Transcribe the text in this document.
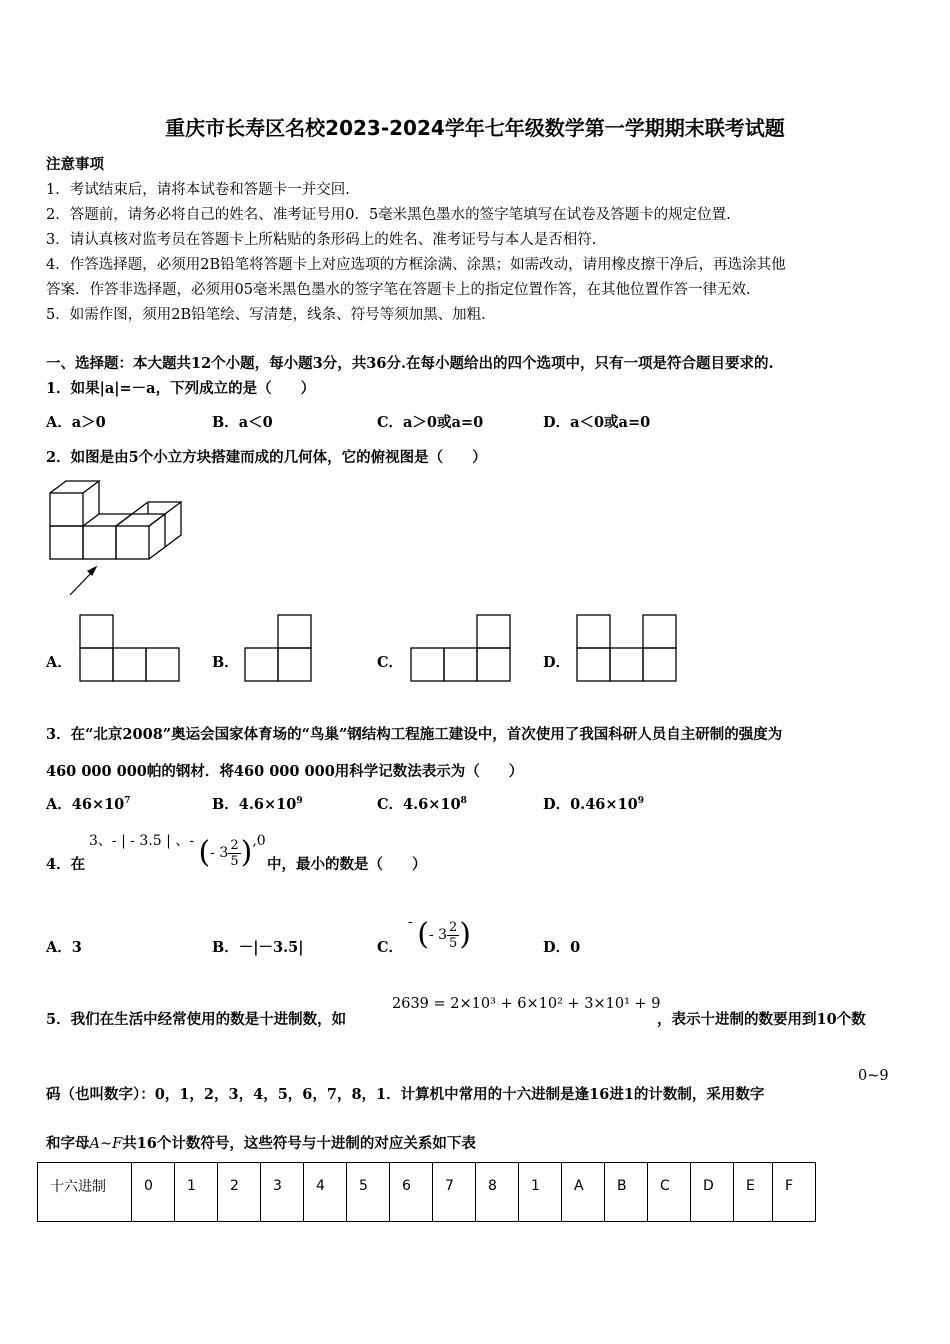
重庆市长寿区名校2023-2024学年七年级数学第一学期期末联考试题
注意事项
1．考试结束后，请将本试卷和答题卡一并交回.
2．答题前，请务必将自己的姓名、准考证号用0．5毫米黑色墨水的签字笔填写在试卷及答题卡的规定位置.
3．请认真核对监考员在答题卡上所粘贴的条形码上的姓名、准考证号与本人是否相符.
4．作答选择题，必须用2B铅笔将答题卡上对应选项的方框涂满、涂黑；如需改动，请用橡皮擦干净后，再选涂其他
答案．作答非选择题，必须用05毫米黑色墨水的签字笔在答题卡上的指定位置作答，在其他位置作答一律无效.
5．如需作图，须用2B铅笔绘、写清楚，线条、符号等须加黑、加粗.
一、选择题：本大题共12个小题，每小题3分，共36分.在每小题给出的四个选项中，只有一项是符合题目要求的.
1．如果|a|=－a，下列成立的是（　　）
A．a＞0	B．a＜0	C．a＞0或a=0	D．a＜0或a=0
2．如图是由5个小立方块搭建而成的几何体，它的俯视图是（　　）
A．	B．	C．	D．
3．在“北京2008”奥运会国家体育场的“鸟巢”钢结构工程施工建设中，首次使用了我国科研人员自主研制的强度为
460 000 000帕的钢材．将460 000 000用科学记数法表示为（　　）
A．$46\times 10^7$	B．$4.6\times 10^9$	C．$4.6\times 10^8$	D．$0.46\times 10^9$
4．在
3、- | - 3.5 | 、- (- $3 \frac{2}{5} ),0$
中，最小的数是（　　）
A．3	B．－|－3.5|	C．
- (- $3 \frac{2}{5}$ )	D．0
5．我们在生活中经常使用的数是十进制数，如
2639 = 2×10³ + 6×10² + 3×10¹ + 9
，表示十进制的数要用到10个数
码（也叫数字）：0，1，2，3，4，5，6，7，8，1．计算机中常用的十六进制是逢16进1的计数制，采用数字
0~9
和字母A~F共16个计数符号，这些符号与十进制的对应关系如下表
十六进制	0	1	2	3	4	5	6	7	8	1	A	B	C	D	E	F
